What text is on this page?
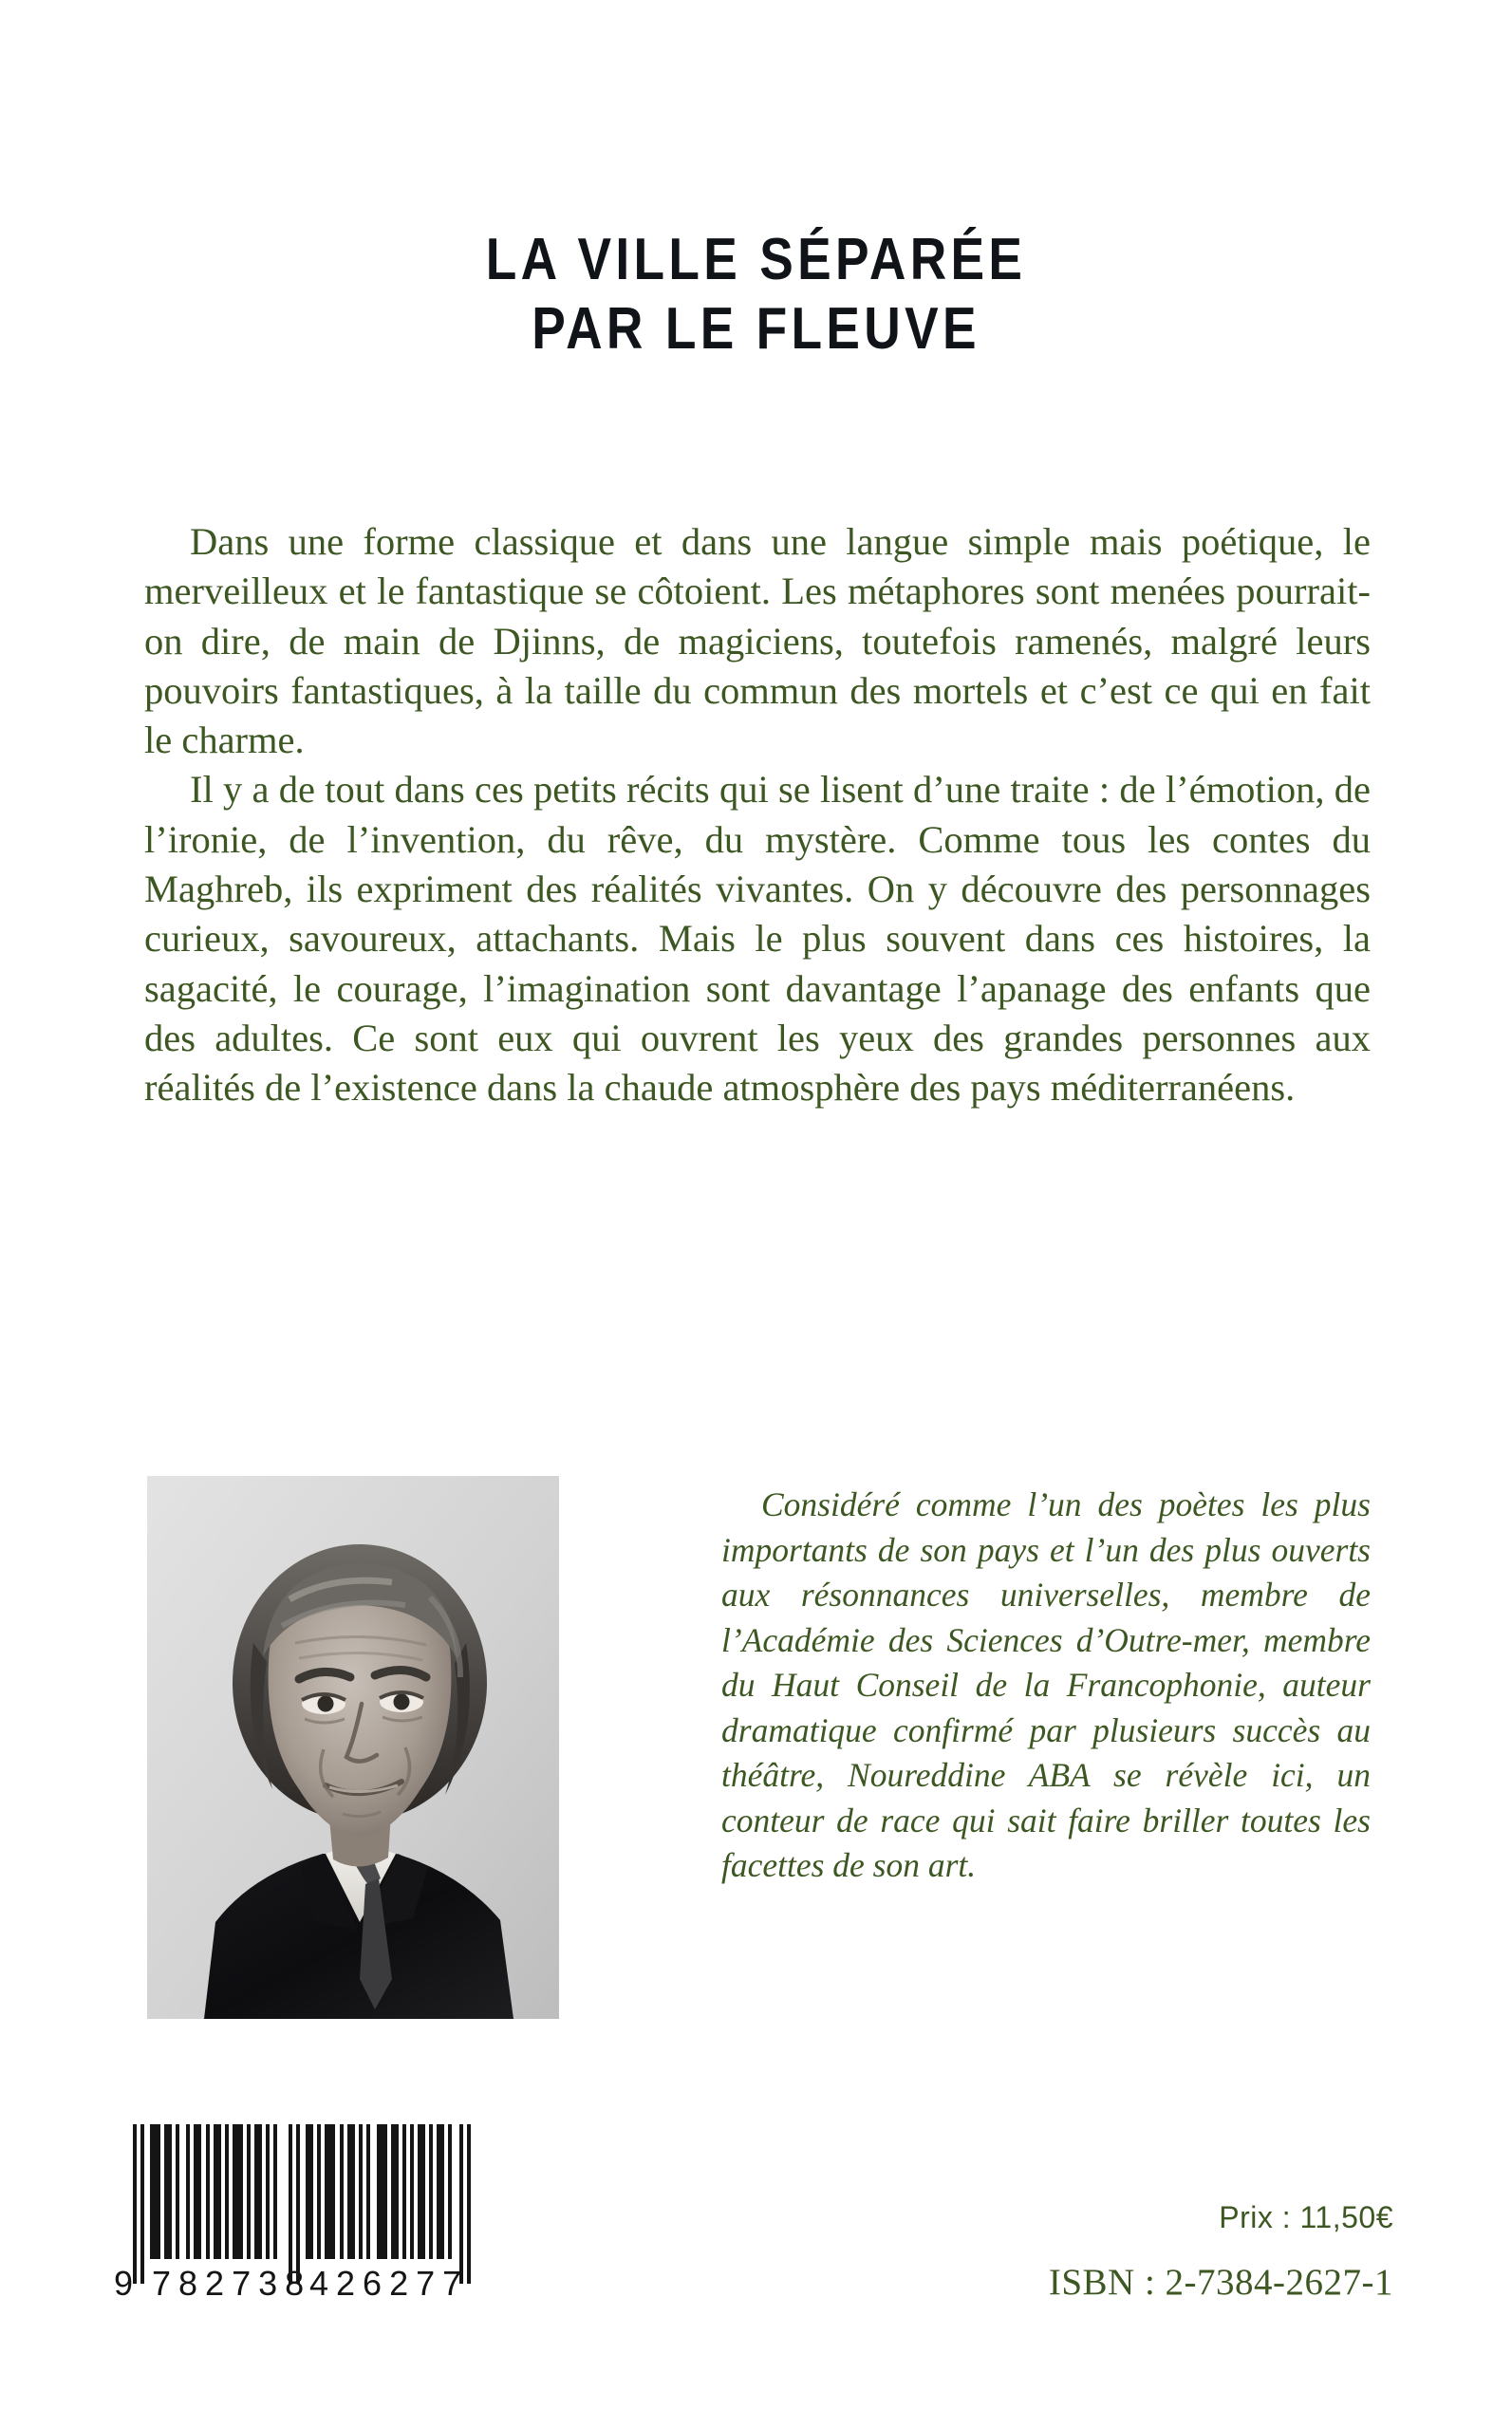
LA VILLE SÉPARÉE
PAR LE FLEUVE

Dans une forme classique et dans une langue simple mais poétique, le merveilleux et le fantastique se côtoient. Les métaphores sont menées pourrait-on dire, de main de Djinns, de magiciens, toutefois ramenés, malgré leurs pouvoirs fantastiques, à la taille du commun des mortels et c’est ce qui en fait le charme.

Il y a de tout dans ces petits récits qui se lisent d’une traite : de l’émotion, de l’ironie, de l’invention, du rêve, du mystère. Comme tous les contes du Maghreb, ils expriment des réalités vivantes. On y découvre des personnages curieux, savoureux, attachants. Mais le plus souvent dans ces histoires, la sagacité, le courage, l’imagination sont davantage l’apanage des enfants que des adultes. Ce sont eux qui ouvrent les yeux des grandes personnes aux réalités de l’existence dans la chaude atmosphère des pays méditerranéens.

Considéré comme l’un des poètes les plus importants de son pays et l’un des plus ouverts aux résonnances universelles, membre de l’Académie des Sciences d’Outre-mer, membre du Haut Conseil de la Francophonie, auteur dramatique confirmé par plusieurs succès au théâtre, Noureddine ABA se révèle ici, un conteur de race qui sait faire briller toutes les facettes de son art.

9 782738
426277
Prix : 11,50€
ISBN : 2-7384-2627-1
